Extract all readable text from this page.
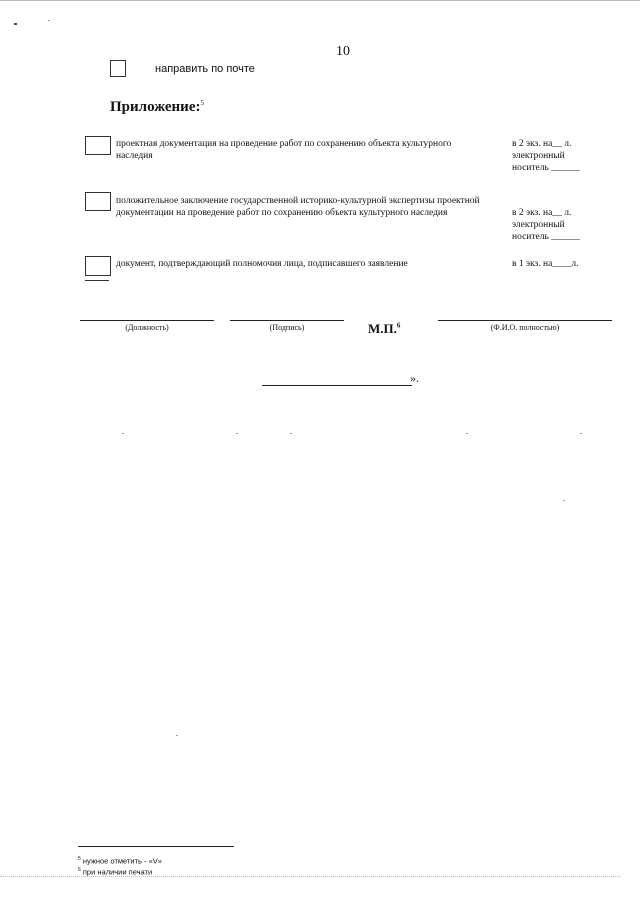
10
направить по почте
Приложение:$^5$
проектная документация на проведение работ по сохранению объекта культурного наследия
в 2 экз. на__ л.
электронный
носитель ______
положительное заключение государственной историко-культурной экспертизы проектной документации на проведение работ по сохранению объекта культурного наследия	в 2 экз. на__ л.
электронный
носитель ______
документ, подтверждающий полномочия лица, подписавшего заявление	в 1 экз. на____л.
(Должность)	(Подпись)	М.П.$^6$	(Ф.И.О. полностью)
».
$^5$ нужное отметить - «V»
$^6$ при наличии печати
